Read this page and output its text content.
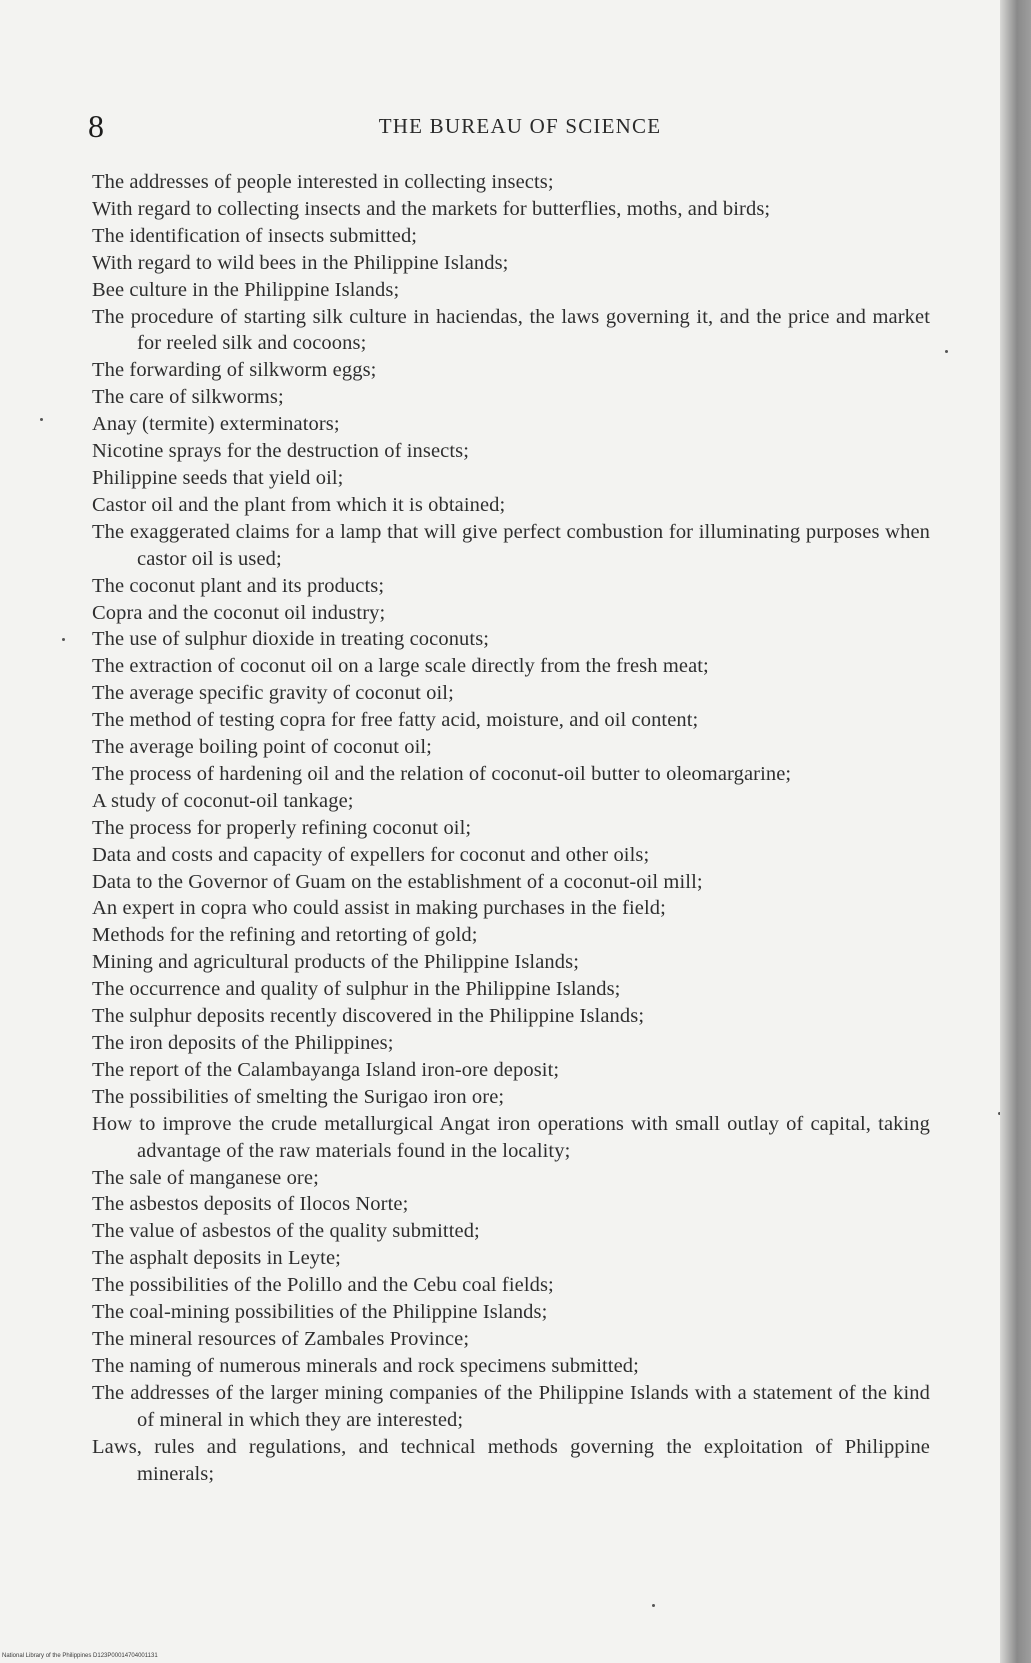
8	THE BUREAU OF SCIENCE
The addresses of people interested in collecting insects;
With regard to collecting insects and the markets for butterflies, moths, and birds;
The identification of insects submitted;
With regard to wild bees in the Philippine Islands;
Bee culture in the Philippine Islands;
The procedure of starting silk culture in haciendas, the laws governing it, and the price and market for reeled silk and cocoons;
The forwarding of silkworm eggs;
The care of silkworms;
Anay (termite) exterminators;
Nicotine sprays for the destruction of insects;
Philippine seeds that yield oil;
Castor oil and the plant from which it is obtained;
The exaggerated claims for a lamp that will give perfect combustion for illuminating purposes when castor oil is used;
The coconut plant and its products;
Copra and the coconut oil industry;
The use of sulphur dioxide in treating coconuts;
The extraction of coconut oil on a large scale directly from the fresh meat;
The average specific gravity of coconut oil;
The method of testing copra for free fatty acid, moisture, and oil content;
The average boiling point of coconut oil;
The process of hardening oil and the relation of coconut-oil butter to oleomargarine;
A study of coconut-oil tankage;
The process for properly refining coconut oil;
Data and costs and capacity of expellers for coconut and other oils;
Data to the Governor of Guam on the establishment of a coconut-oil mill;
An expert in copra who could assist in making purchases in the field;
Methods for the refining and retorting of gold;
Mining and agricultural products of the Philippine Islands;
The occurrence and quality of sulphur in the Philippine Islands;
The sulphur deposits recently discovered in the Philippine Islands;
The iron deposits of the Philippines;
The report of the Calambayanga Island iron-ore deposit;
The possibilities of smelting the Surigao iron ore;
How to improve the crude metallurgical Angat iron operations with small outlay of capital, taking advantage of the raw materials found in the locality;
The sale of manganese ore;
The asbestos deposits of Ilocos Norte;
The value of asbestos of the quality submitted;
The asphalt deposits in Leyte;
The possibilities of the Polillo and the Cebu coal fields;
The coal-mining possibilities of the Philippine Islands;
The mineral resources of Zambales Province;
The naming of numerous minerals and rock specimens submitted;
The addresses of the larger mining companies of the Philippine Islands with a statement of the kind of mineral in which they are interested;
Laws, rules and regulations, and technical methods governing the exploitation of Philippine minerals;
National Library of the Philippines D123P00014704001131
